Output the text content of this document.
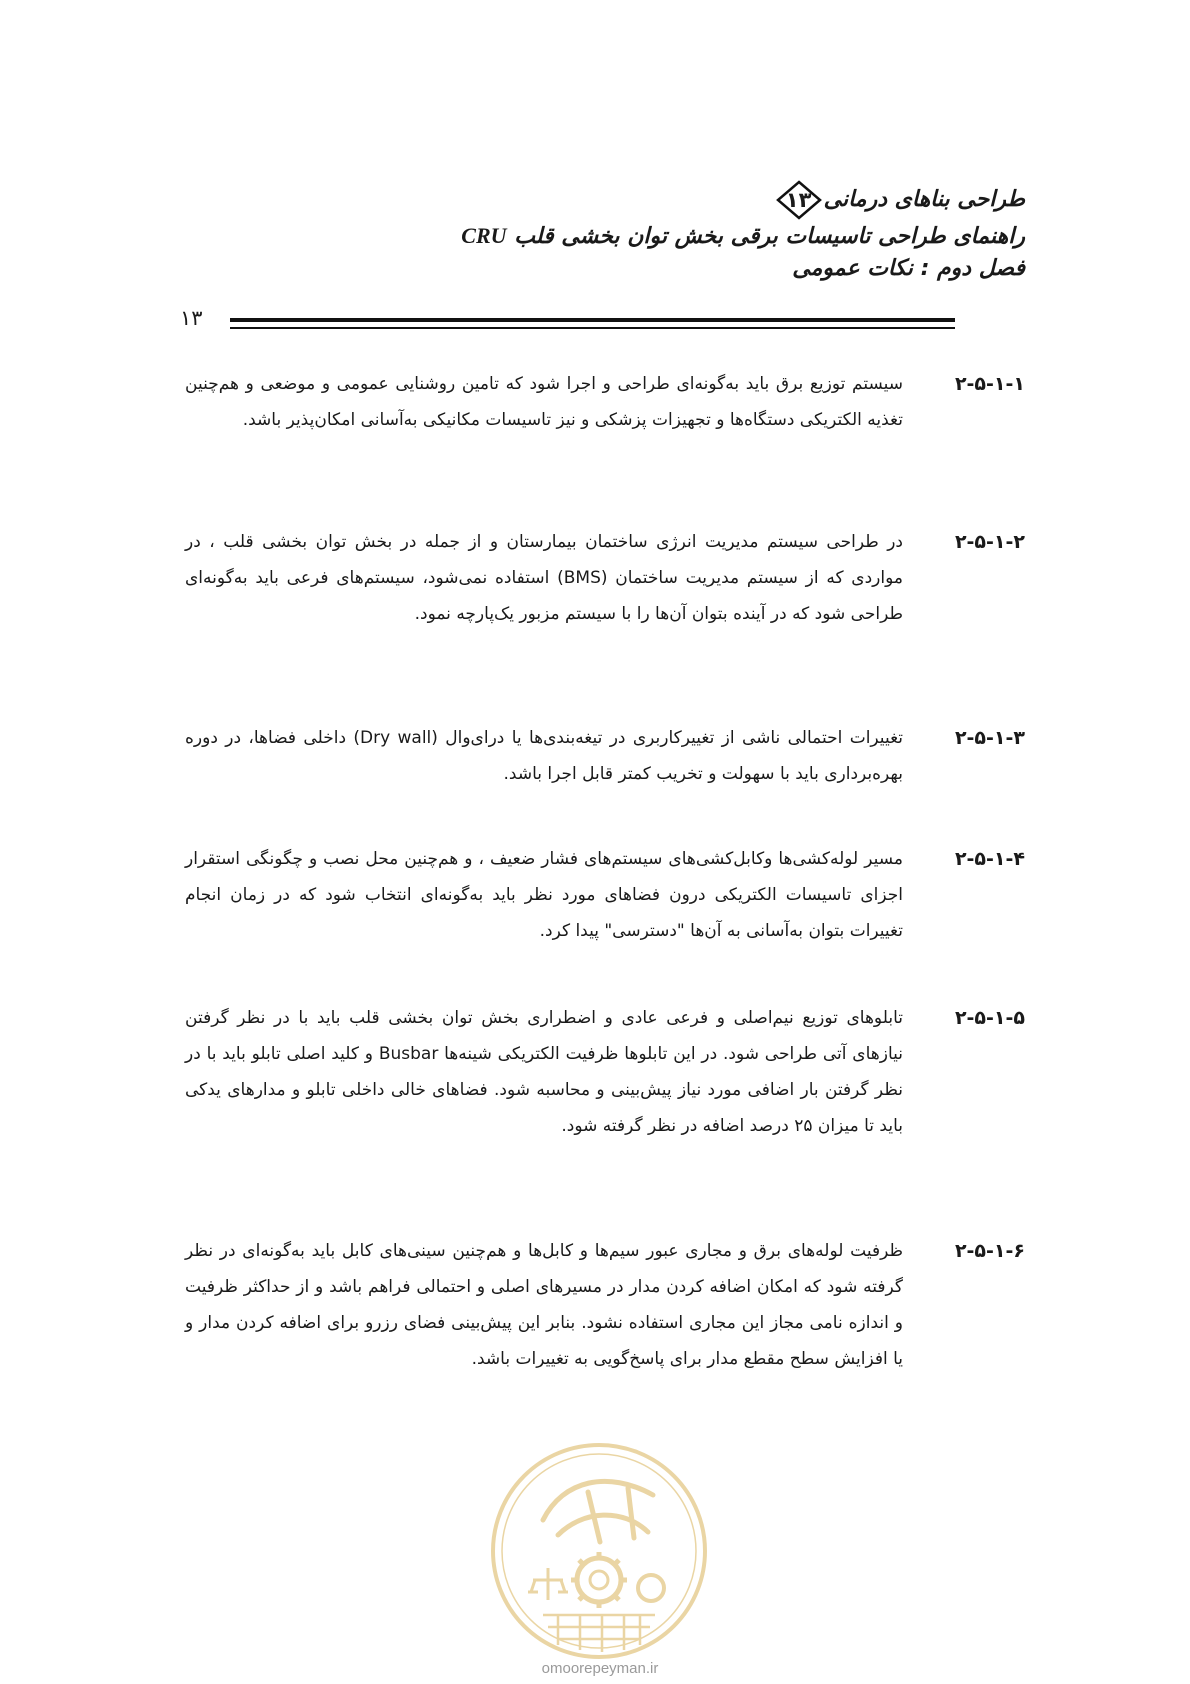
طراحی بناهای درمانی
۱۳
راهنمای طراحی تاسیسات برقی بخش توان بخشی قلب CRU
فصل دوم : نکات عمومی
۱۳
۲-۵-۱-۱
سیستم توزیع برق باید به‌گونه‌ای طراحی و اجرا شود که تامین روشنایی عمومی و موضعی و هم‌چنین تغذیه الکتریکی دستگاه‌ها و تجهیزات پزشکی و نیز تاسیسات مکانیکی به‌آسانی امکان‌پذیر باشد.
۲-۵-۱-۲
در طراحی سیستم مدیریت انرژی ساختمان بیمارستان و از جمله در بخش توان بخشی قلب ، در مواردی که از سیستم مدیریت ساختمان (BMS) استفاده نمی‌شود، سیستم‌های فرعی باید به‌گونه‌ای طراحی شود که در آینده بتوان آن‌ها را با سیستم مزبور یک‌پارچه نمود.
۲-۵-۱-۳
تغییرات احتمالی ناشی از تغییرکاربری در تیغه‌بندی‌ها یا درای‌وال (Dry wall) داخلی فضاها، در دوره بهره‌برداری باید با سهولت و تخریب کمتر قابل اجرا باشد.
۲-۵-۱-۴
مسیر لوله‌کشی‌ها وکابل‌کشی‌های سیستم‌های فشار ضعیف ، و هم‌چنین محل نصب و چگونگی استقرار اجزای تاسیسات الکتریکی درون فضاهای مورد نظر باید به‌گونه‌ای انتخاب شود که در زمان انجام تغییرات بتوان به‌آسانی به آن‌ها "دسترسی" پیدا کرد.
۲-۵-۱-۵
تابلوهای توزیع نیم‌اصلی و فرعی عادی و اضطراری بخش توان بخشی قلب باید با در نظر گرفتن نیازهای آتی طراحی شود. در این تابلوها ظرفیت الکتریکی شینه‌ها Busbar و کلید اصلی تابلو باید با در نظر گرفتن بار اضافی مورد نیاز پیش‌بینی و محاسبه شود. فضاهای خالی داخلی تابلو و مدارهای یدکی باید تا میزان ۲۵ درصد اضافه در نظر گرفته شود.
۲-۵-۱-۶
ظرفیت لوله‌های برق و مجاری عبور سیم‌ها و کابل‌ها و هم‌چنین سینی‌های کابل باید به‌گونه‌ای در نظر گرفته شود که امکان اضافه کردن مدار در مسیرهای اصلی و احتمالی فراهم باشد و از حداکثر ظرفیت و اندازه نامی مجاز این مجاری استفاده نشود. بنابر این پیش‌بینی فضای رزرو برای اضافه کردن مدار و یا افزایش سطح مقطع مدار برای پاسخ‌گویی به تغییرات باشد.
omoorepeyman.ir
